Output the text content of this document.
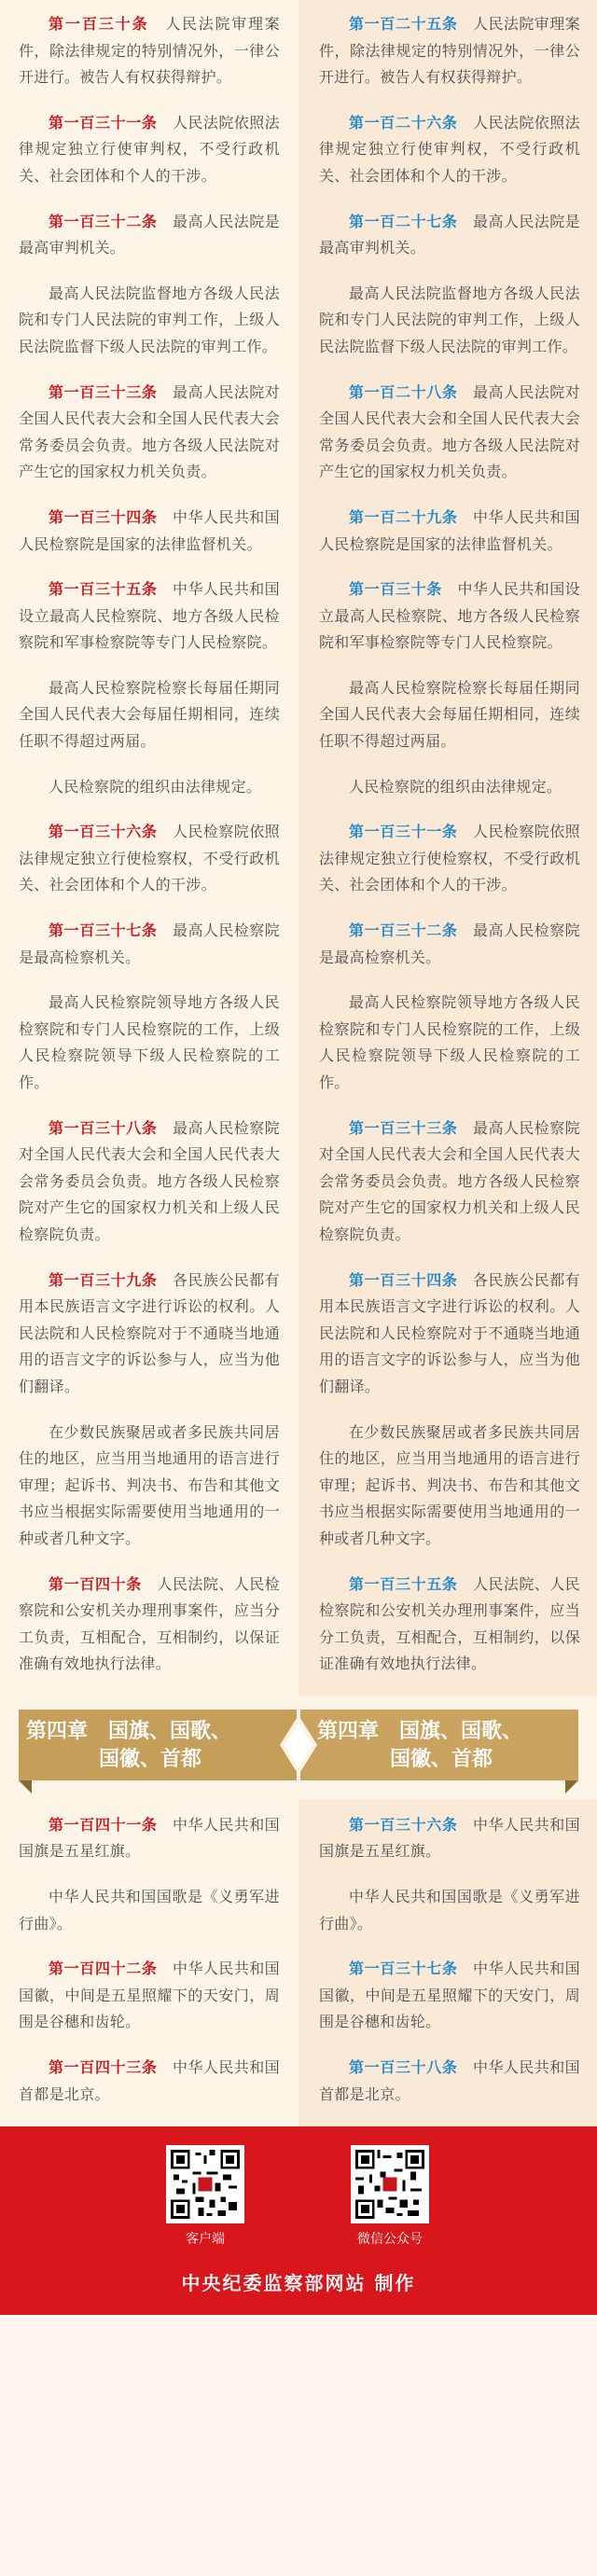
第一百三十条　 人民法院审理案件，除法律规定的特别情况外，一律公开进行。被告人有权获得辩护。

第一百三十一条　 人民法院依照法律规定独立行使审判权，不受行政机关、社会团体和个人的干涉。

第一百三十二条　 最高人民法院是最高审判机关。

最高人民法院监督地方各级人民法院和专门人民法院的审判工作，上级人民法院监督下级人民法院的审判工作。

第一百三十三条　 最高人民法院对全国人民代表大会和全国人民代表大会常务委员会负责。地方各级人民法院对产生它的国家权力机关负责。

第一百三十四条　 中华人民共和国人民检察院是国家的法律监督机关。

第一百三十五条　 中华人民共和国设立最高人民检察院、地方各级人民检察院和军事检察院等专门人民检察院。

最高人民检察院检察长每届任期同全国人民代表大会每届任期相同，连续任职不得超过两届。

人民检察院的组织由法律规定。

第一百三十六条　 人民检察院依照法律规定独立行使检察权，不受行政机关、社会团体和个人的干涉。

第一百三十七条　 最高人民检察院是最高检察机关。

最高人民检察院领导地方各级人民检察院和专门人民检察院的工作，上级人民检察院领导下级人民检察院的工作。

第一百三十八条　 最高人民检察院对全国人民代表大会和全国人民代表大会常务委员会负责。地方各级人民检察院对产生它的国家权力机关和上级人民检察院负责。

第一百三十九条　 各民族公民都有用本民族语言文字进行诉讼的权利。人民法院和人民检察院对于不通晓当地通用的语言文字的诉讼参与人，应当为他们翻译。

在少数民族聚居或者多民族共同居住的地区，应当用当地通用的语言进行审理；起诉书、判决书、布告和其他文书应当根据实际需要使用当地通用的一种或者几种文字。

第一百四十条　 人民法院、人民检察院和公安机关办理刑事案件，应当分工负责，互相配合，互相制约，以保证准确有效地执行法律。

第一百二十五条　 人民法院审理案件，除法律规定的特别情况外，一律公开进行。被告人有权获得辩护。

第一百二十六条　 人民法院依照法律规定独立行使审判权，不受行政机关、社会团体和个人的干涉。

第一百二十七条　 最高人民法院是最高审判机关。

最高人民法院监督地方各级人民法院和专门人民法院的审判工作，上级人民法院监督下级人民法院的审判工作。

第一百二十八条　 最高人民法院对全国人民代表大会和全国人民代表大会常务委员会负责。地方各级人民法院对产生它的国家权力机关负责。

第一百二十九条　 中华人民共和国人民检察院是国家的法律监督机关。

第一百三十条　 中华人民共和国设立最高人民检察院、地方各级人民检察院和军事检察院等专门人民检察院。

最高人民检察院检察长每届任期同全国人民代表大会每届任期相同，连续任职不得超过两届。

人民检察院的组织由法律规定。

第一百三十一条　 人民检察院依照法律规定独立行使检察权，不受行政机关、社会团体和个人的干涉。

第一百三十二条　 最高人民检察院是最高检察机关。

最高人民检察院领导地方各级人民检察院和专门人民检察院的工作，上级人民检察院领导下级人民检察院的工作。

第一百三十三条　 最高人民检察院对全国人民代表大会和全国人民代表大会常务委员会负责。地方各级人民检察院对产生它的国家权力机关和上级人民检察院负责。

第一百三十四条　 各民族公民都有用本民族语言文字进行诉讼的权利。人民法院和人民检察院对于不通晓当地通用的语言文字的诉讼参与人，应当为他们翻译。

在少数民族聚居或者多民族共同居住的地区，应当用当地通用的语言进行审理；起诉书、判决书、布告和其他文书应当根据实际需要使用当地通用的一种或者几种文字。

第一百三十五条　 人民法院、人民检察院和公安机关办理刑事案件，应当分工负责，互相配合，互相制约，以保证准确有效地执行法律。

第四章　国旗、国歌、
国徽、首都
第四章　国旗、国歌、
国徽、首都

第一百四十一条　 中华人民共和国国旗是五星红旗。

中华人民共和国国歌是《义勇军进行曲》。

第一百四十二条　 中华人民共和国国徽，中间是五星照耀下的天安门，周围是谷穗和齿轮。

第一百四十三条　 中华人民共和国首都是北京。

第一百三十六条　 中华人民共和国国旗是五星红旗。

中华人民共和国国歌是《义勇军进行曲》。

第一百三十七条　 中华人民共和国国徽，中间是五星照耀下的天安门，周围是谷穗和齿轮。

第一百三十八条　 中华人民共和国首都是北京。

客户端	微信公众号
中央纪委监察部网站 制作
